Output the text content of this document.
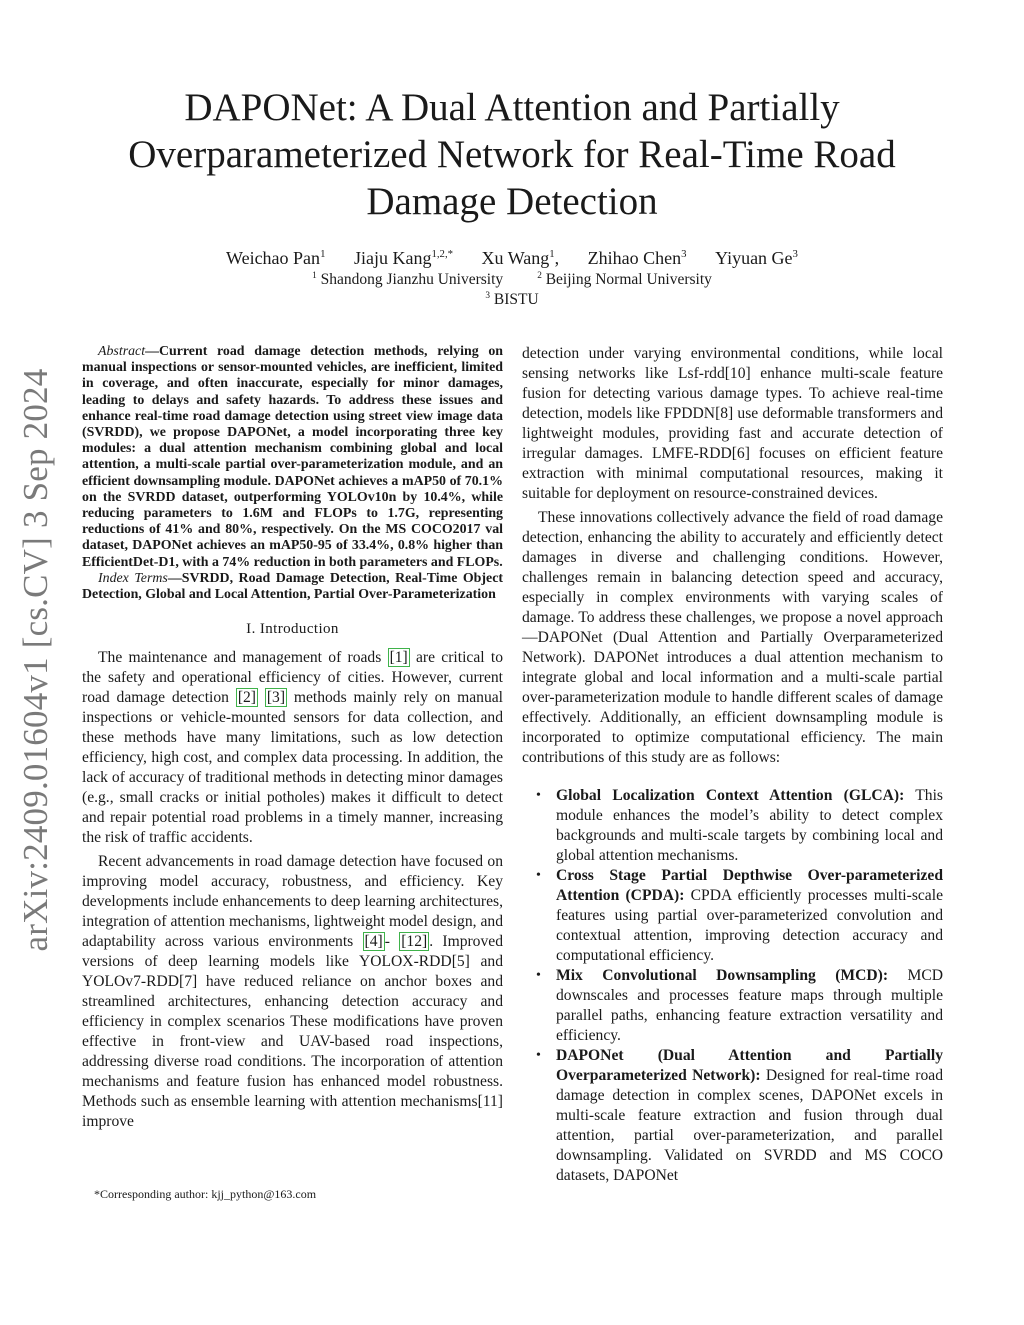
arXiv:2409.01604v1 [cs.CV] 3 Sep 2024
DAPONet: A Dual Attention and Partially Overparameterized Network for Real-Time Road Damage Detection
Weichao Pan$^1$ Jiaju Kang$^{1,2,*}$ Xu Wang$^1$, Zhihao Chen$^3$ Yiyuan Ge$^3$
$^1$ Shandong Jianzhu University	$^2$ Beijing Normal University
$^3$ BISTU

Abstract—Current road damage detection methods, relying on manual inspections or sensor-mounted vehicles, are inefficient, limited in coverage, and often inaccurate, especially for minor damages, leading to delays and safety hazards. To address these issues and enhance real-time road damage detection using street view image data (SVRDD), we propose DAPONet, a model incorporating three key modules: a dual attention mechanism combining global and local attention, a multi-scale partial over-parameterization module, and an efficient downsampling module. DAPONet achieves a mAP50 of 70.1% on the SVRDD dataset, outperforming YOLOv10n by 10.4%, while reducing parameters to 1.6M and FLOPs to 1.7G, representing reductions of 41% and 80%, respectively. On the MS COCO2017 val dataset, DAPONet achieves an mAP50-95 of 33.4%, 0.8% higher than EfficientDet-D1, with a 74% reduction in both parameters and FLOPs.

Index Terms—SVRDD, Road Damage Detection, Real-Time Object Detection, Global and Local Attention, Partial Over-Parameterization

I. Introduction

The maintenance and management of roads [1] are critical to the safety and operational efficiency of cities. However, current road damage detection [2] [3] methods mainly rely on manual inspections or vehicle-mounted sensors for data collection, and these methods have many limitations, such as low detection efficiency, high cost, and complex data processing. In addition, the lack of accuracy of traditional methods in detecting minor damages (e.g., small cracks or initial potholes) makes it difficult to detect and repair potential road problems in a timely manner, increasing the risk of traffic accidents.

Recent advancements in road damage detection have focused on improving model accuracy, robustness, and efficiency. Key developments include enhancements to deep learning architectures, integration of attention mechanisms, lightweight model design, and adaptability across various environments [4] - [12] . Improved versions of deep learning models like YOLOX-RDD[5] and YOLOv7-RDD[7] have reduced reliance on anchor boxes and streamlined architectures, enhancing detection accuracy and efficiency in complex scenarios These modifications have proven effective in front-view and UAV-based road inspections, addressing diverse road conditions. The incorporation of attention mechanisms and feature fusion has enhanced model robustness. Methods such as ensemble learning with attention mechanisms[11] improve

detection under varying environmental conditions, while local sensing networks like Lsf-rdd[10] enhance multi-scale feature fusion for detecting various damage types. To achieve real-time detection, models like FPDDN[8] use deformable transformers and lightweight modules, providing fast and accurate detection of irregular damages. LMFE-RDD[6] focuses on efficient feature extraction with minimal computational resources, making it suitable for deployment on resource-constrained devices.

These innovations collectively advance the field of road damage detection, enhancing the ability to accurately and efficiently detect damages in diverse and challenging conditions. However, challenges remain in balancing detection speed and accuracy, especially in complex environments with varying scales of damage. To address these challenges, we propose a novel approach—DAPONet (Dual Attention and Partially Overparameterized Network). DAPONet introduces a dual attention mechanism to integrate global and local information and a multi-scale partial over-parameterization module to handle different scales of damage effectively. Additionally, an efficient downsampling module is incorporated to optimize computational efficiency. The main contributions of this study are as follows:

• Global Localization Context Attention (GLCA): This module enhances the model’s ability to detect complex backgrounds and multi-scale targets by combining local and global attention mechanisms.
• Cross Stage Partial Depthwise Over-parameterized Attention (CPDA): CPDA efficiently processes multi-scale features using partial over-parameterized convolution and contextual attention, improving detection accuracy and computational efficiency.
• Mix Convolutional Downsampling (MCD): MCD downscales and processes feature maps through multiple parallel paths, enhancing feature extraction versatility and efficiency.
• DAPONet (Dual Attention and Partially Overparameterized Network): Designed for real-time road damage detection in complex scenes, DAPONet excels in multi-scale feature extraction and fusion through dual attention, partial over-parameterization, and parallel downsampling. Validated on SVRDD and MS COCO datasets, DAPONet
*Corresponding author: kjj_python@163.com
